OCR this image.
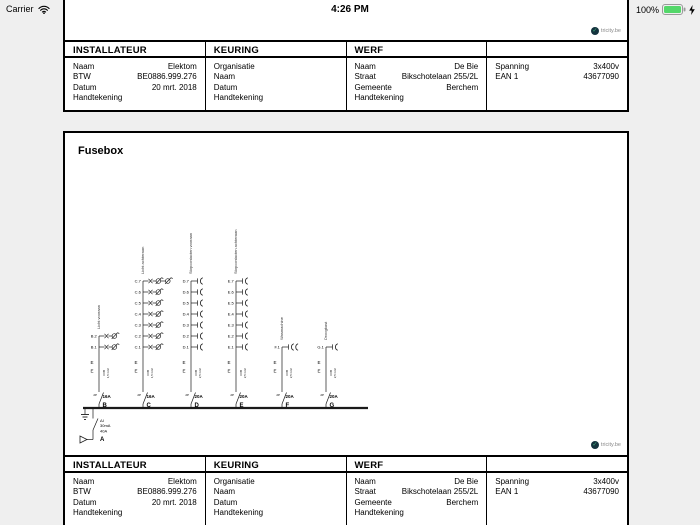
Carrier	4:26 PM	100%
✓ tricity.be
INSTALLATEUR
Naam	Elektom
BTW	BE0886.999.276
Datum	20 mrt. 2018
Handtekening
KEURING
Organisatie
Naam
Datum
Handtekening
WERF
Naam	De Bie
Straat	Bikschotelaan 255/2L
Gemeente	Berchem
Handtekening
Spanning	3x400v
EAN 1	43677090
Fusebox
ΔI
30mA
40A
A
2P 16A
B
E
E	XVB 1,5 mm²
Licht vooraan
B.1
B.2
2P 16A
C
E
E	XVB 1,5 mm²
Licht achteraan
C.1
C.2
C.3
C.4
C.5
C.6
C.7
2P 20A
D
E
E	XVB 2,5 mm²
Stopcontacten vooraan
D.1
D.2
D.3
D.4
D.5
D.6
D.7
2P 20A
E
E
E	XVB 2,5 mm²
Stopcontacten achteraan
E.1
E.2
E.3
E.4
E.5
E.6
E.7
2P 20A
F
E
E	XVB 2,5 mm²
Wasmachine
F.1
2P 20A
G
E
E	XVB 2,5 mm²
Droogkast
G.1
✓ tricity.be
INSTALLATEUR
Naam	Elektom
BTW	BE0886.999.276
Datum	20 mrt. 2018
Handtekening
KEURING
Organisatie
Naam
Datum
Handtekening
WERF
Naam	De Bie
Straat	Bikschotelaan 255/2L
Gemeente	Berchem
Handtekening
Spanning	3x400v
EAN 1	43677090
